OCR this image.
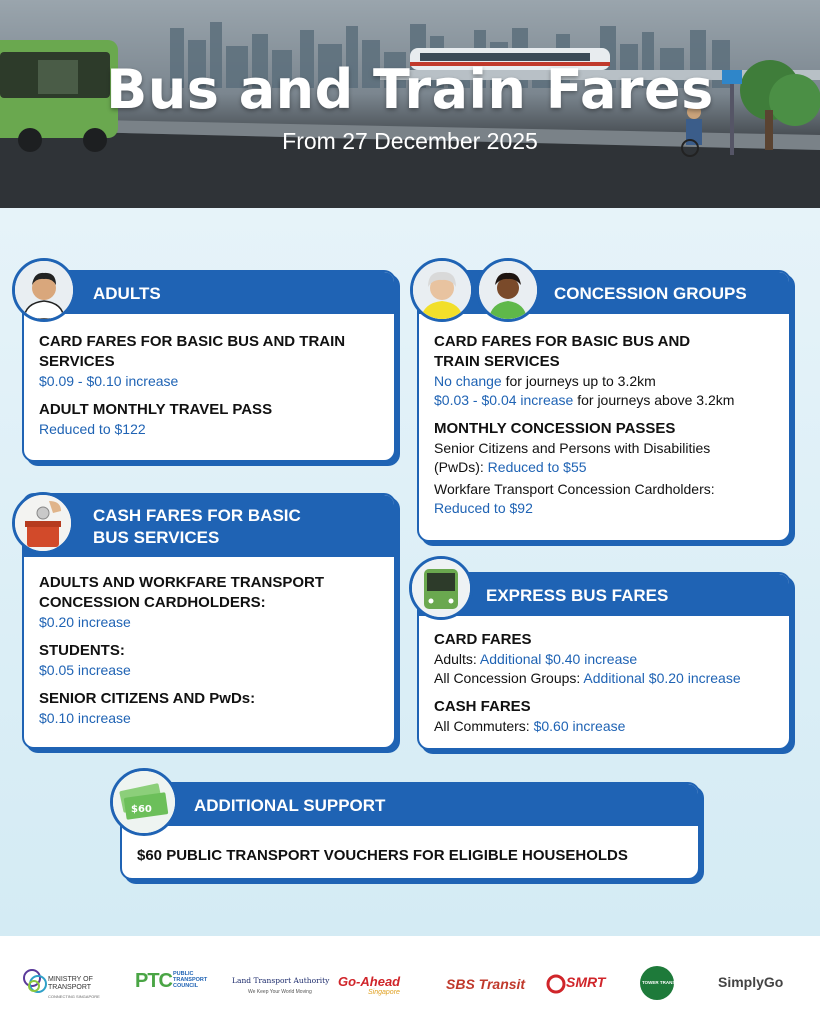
Bus and Train Fares
From 27 December 2025
ADULTS
CARD FARES FOR BASIC BUS AND TRAIN
SERVICES
$0.09 - $0.10 increase
ADULT MONTHLY TRAVEL PASS
Reduced to $122
CASH FARES FOR BASIC
BUS SERVICES
ADULTS AND WORKFARE TRANSPORT
CONCESSION CARDHOLDERS:
$0.20 increase
STUDENTS:
$0.05 increase
SENIOR CITIZENS AND PwDs:
$0.10 increase
CONCESSION GROUPS
CARD FARES FOR BASIC BUS AND
TRAIN SERVICES
No change for journeys up to 3.2km
$0.03 - $0.04 increase for journeys above 3.2km
MONTHLY CONCESSION PASSES
Senior Citizens and Persons with Disabilities
(PwDs): Reduced to $55
Workfare Transport Concession Cardholders:
Reduced to $92
EXPRESS BUS FARES
CARD FARES
Adults: Additional $0.40 increase
All Concession Groups: Additional $0.20 increase
CASH FARES
All Commuters: $0.60 increase
ADDITIONAL SUPPORT
$60 PUBLIC TRANSPORT VOUCHERS FOR ELIGIBLE HOUSEHOLDS
$60
MINISTRY OF
TRANSPORT
CONNECTING SINGAPORE
PTC PUBLIC
TRANSPORT
COUNCIL
Land Transport Authority
We Keep Your World Moving
Go-Ahead
Singapore
SBS Transit	SMRT	TOWER TRANSIT	SimplyGo
